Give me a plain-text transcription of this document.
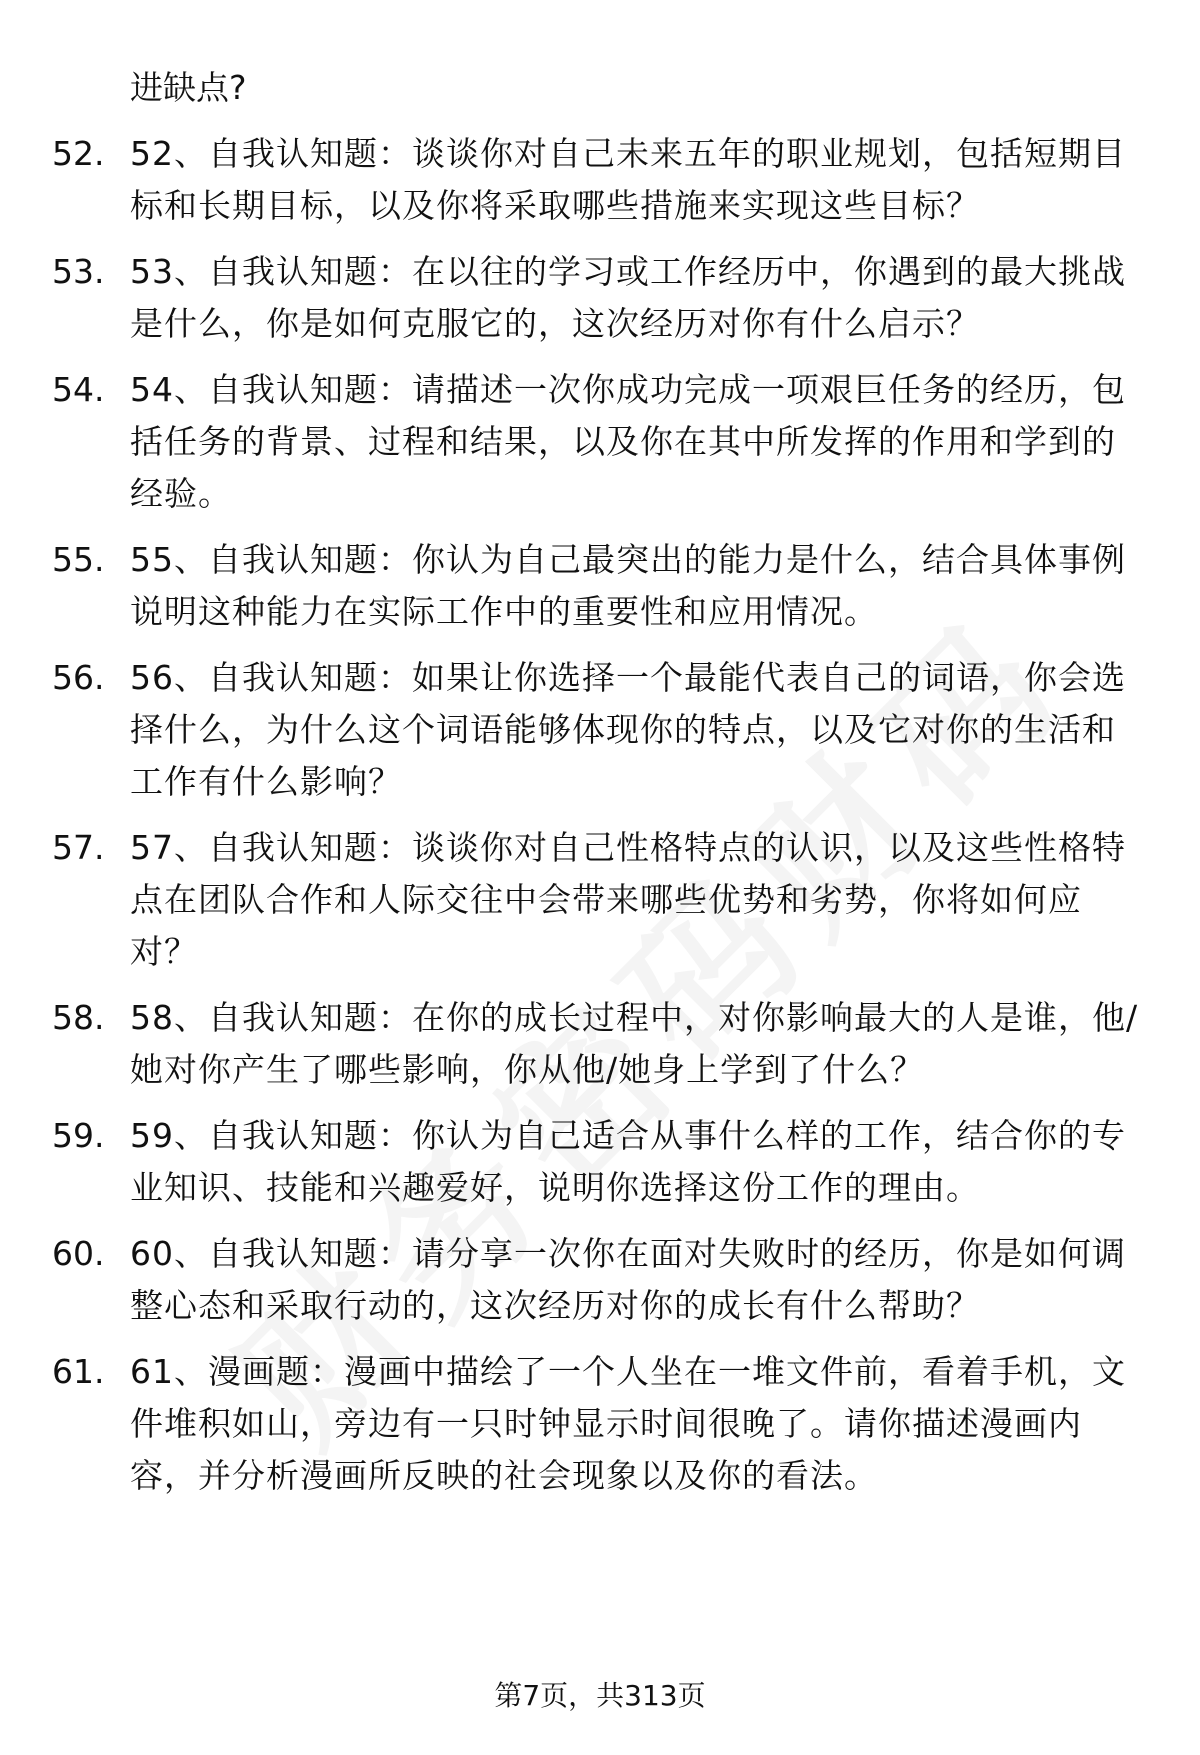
进缺点?
52. 52、自我认知题：谈谈你对自己未来五年的职业规划，包括短期目标和长期目标，以及你将采取哪些措施来实现这些目标？
53. 53、自我认知题：在以往的学习或工作经历中，你遇到的最大挑战是什么，你是如何克服它的，这次经历对你有什么启示？
54. 54、自我认知题：请描述一次你成功完成一项艰巨任务的经历，包括任务的背景、过程和结果，以及你在其中所发挥的作用和学到的经验。
55. 55、自我认知题：你认为自己最突出的能力是什么，结合具体事例说明这种能力在实际工作中的重要性和应用情况。
56. 56、自我认知题：如果让你选择一个最能代表自己的词语，你会选择什么，为什么这个词语能够体现你的特点，以及它对你的生活和工作有什么影响？
57. 57、自我认知题：谈谈你对自己性格特点的认识，以及这些性格特点在团队合作和人际交往中会带来哪些优势和劣势，你将如何应对？
58. 58、自我认知题：在你的成长过程中，对你影响最大的人是谁，他/她对你产生了哪些影响，你从他/她身上学到了什么？
59. 59、自我认知题：你认为自己适合从事什么样的工作，结合你的专业知识、技能和兴趣爱好，说明你选择这份工作的理由。
60. 60、自我认知题：请分享一次你在面对失败时的经历，你是如何调整心态和采取行动的，这次经历对你的成长有什么帮助？
61. 61、漫画题：漫画中描绘了一个人坐在一堆文件前，看着手机，文件堆积如山，旁边有一只时钟显示时间很晚了。请你描述漫画内容，并分析漫画所反映的社会现象以及你的看法。
第7页，共313页
